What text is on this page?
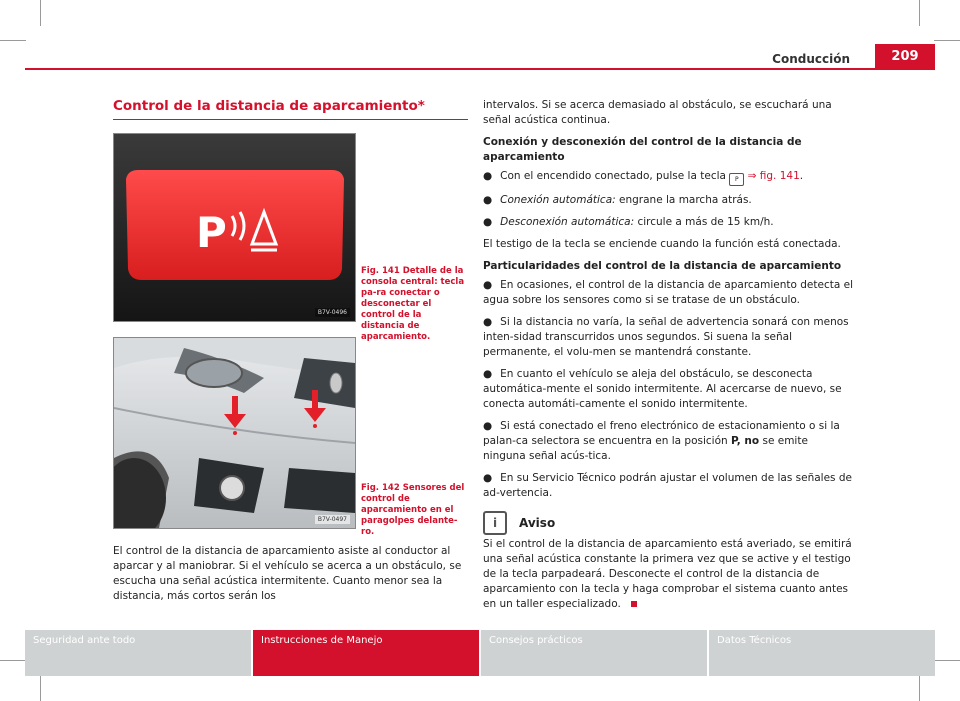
Conducción	209
Control de la distancia de aparcamiento*
P
B7V-0496
Fig. 141 Detalle de la consola central: tecla pa-ra conectar o desconectar el control de la distancia de aparcamiento.
B7V-0497
Fig. 142 Sensores del control de aparcamiento en el paragolpes delante-ro.
El control de la distancia de aparcamiento asiste al conductor al aparcar y al maniobrar. Si el vehículo se acerca a un obstáculo, se escucha una señal acústica intermitente. Cuanto menor sea la distancia, más cortos serán los

intervalos. Si se acerca demasiado al obstáculo, se escuchará una señal acústica continua.

Conexión y desconexión del control de la distancia de aparcamiento

● Con el encendido conectado, pulse la tecla P ⇒ fig. 141.

● Conexión automática: engrane la marcha atrás.

● Desconexión automática: circule a más de 15 km/h.

El testigo de la tecla se enciende cuando la función está conectada.

Particularidades del control de la distancia de aparcamiento

● En ocasiones, el control de la distancia de aparcamiento detecta el agua sobre los sensores como si se tratase de un obstáculo.

● Si la distancia no varía, la señal de advertencia sonará con menos inten-sidad transcurridos unos segundos. Si suena la señal permanente, el volu-men se mantendrá constante.

● En cuanto el vehículo se aleja del obstáculo, se desconecta automática-mente el sonido intermitente. Al acercarse de nuevo, se conecta automáti-camente el sonido intermitente.

● Si está conectado el freno electrónico de estacionamiento o si la palan-ca selectora se encuentra en la posición P, no se emite ninguna señal acús-tica.

● En su Servicio Técnico podrán ajustar el volumen de las señales de ad-vertencia.

i	Aviso

Si el control de la distancia de aparcamiento está averiado, se emitirá una señal acústica constante la primera vez que se active y el testigo de la tecla parpadeará. Desconecte el control de la distancia de aparcamiento con la tecla y haga comprobar el sistema cuanto antes en un taller especializado.

Seguridad ante todo	Instrucciones de Manejo	Consejos prácticos	Datos Técnicos
